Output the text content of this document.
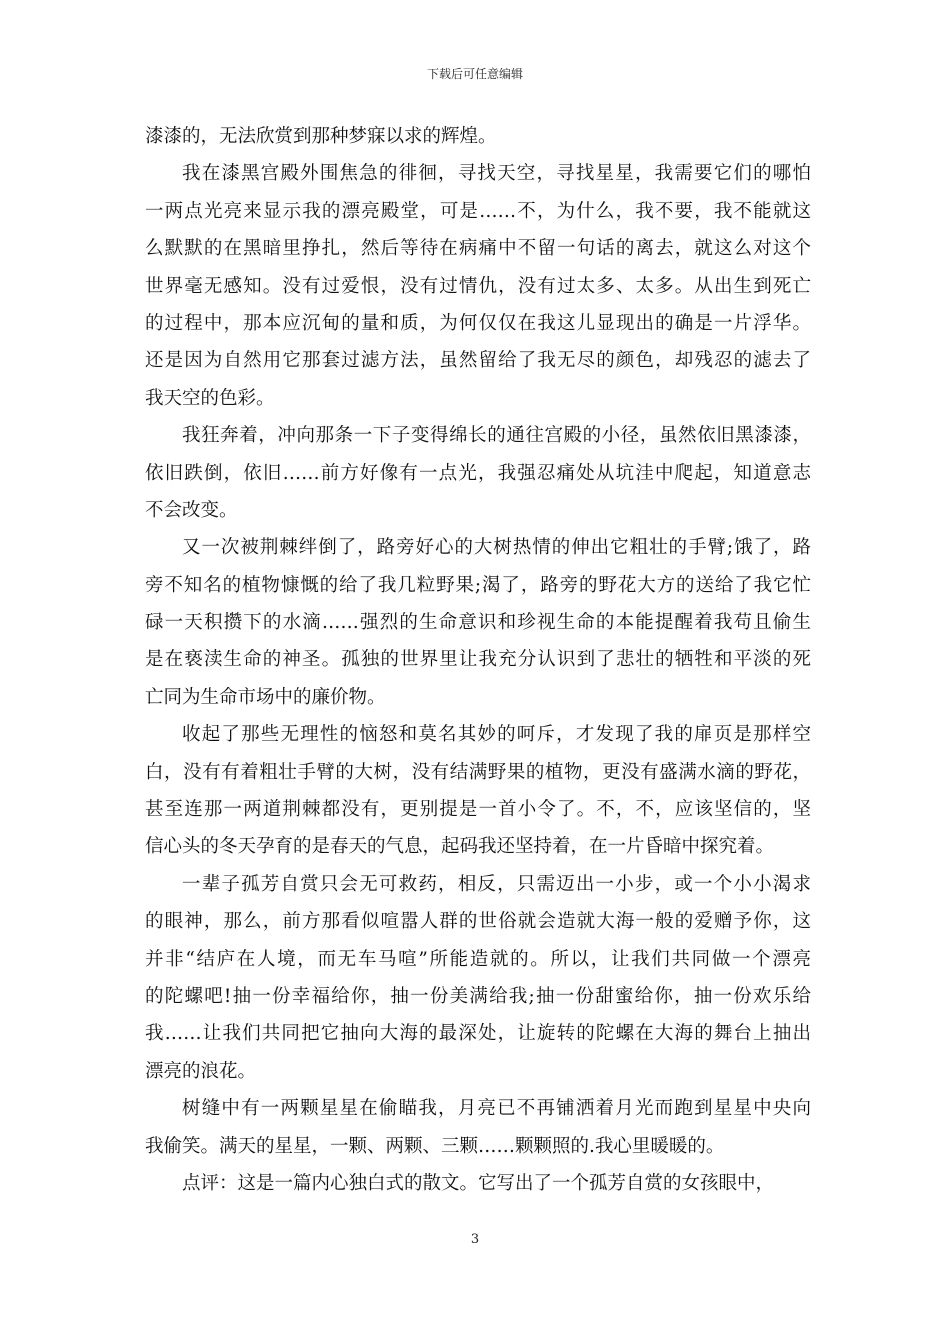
下载后可任意编辑
漆漆的，无法欣赏到那种梦寐以求的辉煌。
我在漆黑宫殿外围焦急的徘徊，寻找天空，寻找星星，我需要它们的哪怕
一两点光亮来显示我的漂亮殿堂，可是……不，为什么，我不要，我不能就这
么默默的在黑暗里挣扎，然后等待在病痛中不留一句话的离去，就这么对这个
世界毫无感知。没有过爱恨，没有过情仇，没有过太多、太多。从出生到死亡
的过程中，那本应沉甸的量和质，为何仅仅在我这儿显现出的确是一片浮华。
还是因为自然用它那套过滤方法，虽然留给了我无尽的颜色，却残忍的滤去了
我天空的色彩。
我狂奔着，冲向那条一下子变得绵长的通往宫殿的小径，虽然依旧黑漆漆，
依旧跌倒，依旧……前方好像有一点光，我强忍痛处从坑洼中爬起，知道意志
不会改变。
又一次被荆棘绊倒了，路旁好心的大树热情的伸出它粗壮的手臂;饿了，路
旁不知名的植物慷慨的给了我几粒野果;渴了，路旁的野花大方的送给了我它忙
碌一天积攒下的水滴……强烈的生命意识和珍视生命的本能提醒着我苟且偷生
是在亵渎生命的神圣。孤独的世界里让我充分认识到了悲壮的牺牲和平淡的死
亡同为生命市场中的廉价物。
收起了那些无理性的恼怒和莫名其妙的呵斥，才发现了我的扉页是那样空
白，没有有着粗壮手臂的大树，没有结满野果的植物，更没有盛满水滴的野花，
甚至连那一两道荆棘都没有，更别提是一首小令了。不，不，应该坚信的，坚
信心头的冬天孕育的是春天的气息，起码我还坚持着，在一片昏暗中探究着。
一辈子孤芳自赏只会无可救药，相反，只需迈出一小步，或一个小小渴求
的眼神，那么，前方那看似喧嚣人群的世俗就会造就大海一般的爱赠予你，这
并非“结庐在人境，而无车马喧”所能造就的。所以，让我们共同做一个漂亮
的陀螺吧!抽一份幸福给你，抽一份美满给我;抽一份甜蜜给你，抽一份欢乐给
我……让我们共同把它抽向大海的最深处，让旋转的陀螺在大海的舞台上抽出
漂亮的浪花。
树缝中有一两颗星星在偷瞄我，月亮已不再铺洒着月光而跑到星星中央向
我偷笑。满天的星星，一颗、两颗、三颗……颗颗照的.我心里暖暖的。
点评：这是一篇内心独白式的散文。它写出了一个孤芳自赏的女孩眼中，
3
